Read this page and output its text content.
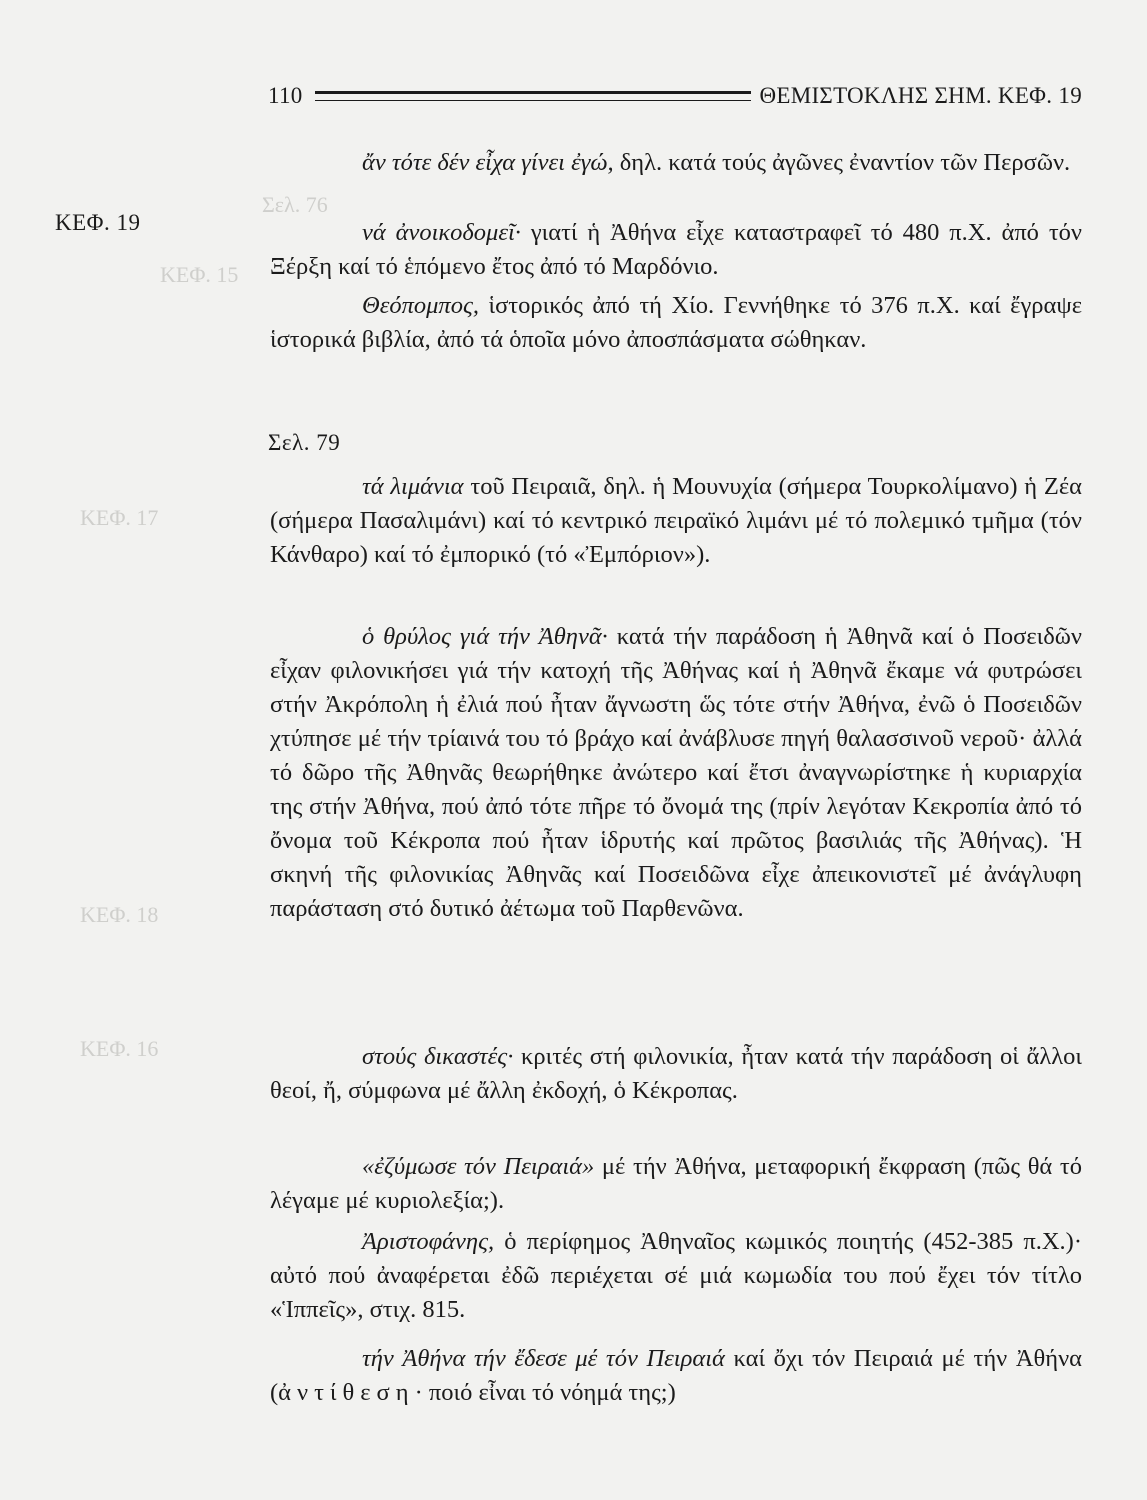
ΚΕΦ. 15
ΚΕΦ. 17
ΚΕΦ. 18
ΚΕΦ. 16
Σελ. 76
110	ΘΕΜΙΣΤΟΚΛΗΣ ΣΗΜ. ΚΕΦ. 19
ΚΕΦ. 19
Σελ. 79
ἄν τότε δέν εἶχα γίνει ἐγώ, δηλ. κατά τούς ἀγῶνες ἐναντίον τῶν Περσῶν.
νά ἀνοικοδομεῖ· γιατί ἡ Ἀθήνα εἶχε καταστραφεῖ τό 480 π.Χ. ἀπό τόν Ξέρξη καί τό ἑπόμενο ἔτος ἀπό τό Μαρδόνιο.
Θεόπομπος, ἱστορικός ἀπό τή Χίο. Γεννήθηκε τό 376 π.Χ. καί ἔγραψε ἱστορικά βιβλία, ἀπό τά ὁποῖα μόνο ἀποσπάσματα σώθηκαν.
τά λιμάνια τοῦ Πειραιᾶ, δηλ. ἡ Μουνυχία (σήμερα Τουρκολίμανο) ἡ Ζέα (σήμερα Πασαλιμάνι) καί τό κεντρικό πειραϊκό λιμάνι μέ τό πολεμικό τμῆμα (τόν Κάνθαρο) καί τό ἐμπορικό (τό «Ἐμπόριον»).
ὁ θρύλος γιά τήν Ἀθηνᾶ· κατά τήν παράδοση ἡ Ἀθηνᾶ καί ὁ Ποσειδῶν εἶχαν φιλονικήσει γιά τήν κατοχή τῆς Ἀθήνας καί ἡ Ἀθηνᾶ ἔκαμε νά φυτρώσει στήν Ἀκρόπολη ἡ ἐλιά πού ἦταν ἄγνωστη ὥς τότε στήν Ἀθήνα, ἐνῶ ὁ Ποσειδῶν χτύπησε μέ τήν τρίαινά του τό βράχο καί ἀνάβλυσε πηγή θαλασσινοῦ νεροῦ· ἀλλά τό δῶρο τῆς Ἀθηνᾶς θεωρήθηκε ἀνώτερο καί ἔτσι ἀναγνωρίστηκε ἡ κυριαρχία της στήν Ἀθήνα, πού ἀπό τότε πῆρε τό ὄνομά της (πρίν λεγόταν Κεκροπία ἀπό τό ὄνομα τοῦ Κέκροπα πού ἦταν ἱδρυτής καί πρῶτος βασιλιάς τῆς Ἀθήνας). Ἡ σκηνή τῆς φιλονικίας Ἀθηνᾶς καί Ποσειδῶνα εἶχε ἀπεικονιστεῖ μέ ἀνάγλυφη παράσταση στό δυτικό ἀέτωμα τοῦ Παρθενῶνα.
στούς δικαστές· κριτές στή φιλονικία, ἦταν κατά τήν παράδοση οἱ ἄλλοι θεοί, ἤ, σύμφωνα μέ ἄλλη ἐκδοχή, ὁ Κέκροπας.
«ἐζύμωσε τόν Πειραιά» μέ τήν Ἀθήνα, μεταφορική ἔκφραση (πῶς θά τό λέγαμε μέ κυριολεξία;).
Ἀριστοφάνης, ὁ περίφημος Ἀθηναῖος κωμικός ποιητής (452-385 π.Χ.)· αὐτό πού ἀναφέρεται ἐδῶ περιέχεται σέ μιά κωμωδία του πού ἔχει τόν τίτλο «Ἱππεῖς», στιχ. 815.
τήν Ἀθήνα τήν ἔδεσε μέ τόν Πειραιά καί ὄχι τόν Πειραιά μέ τήν Ἀθήνα (ἀντίθεση· ποιό εἶναι τό νόημά της;)
